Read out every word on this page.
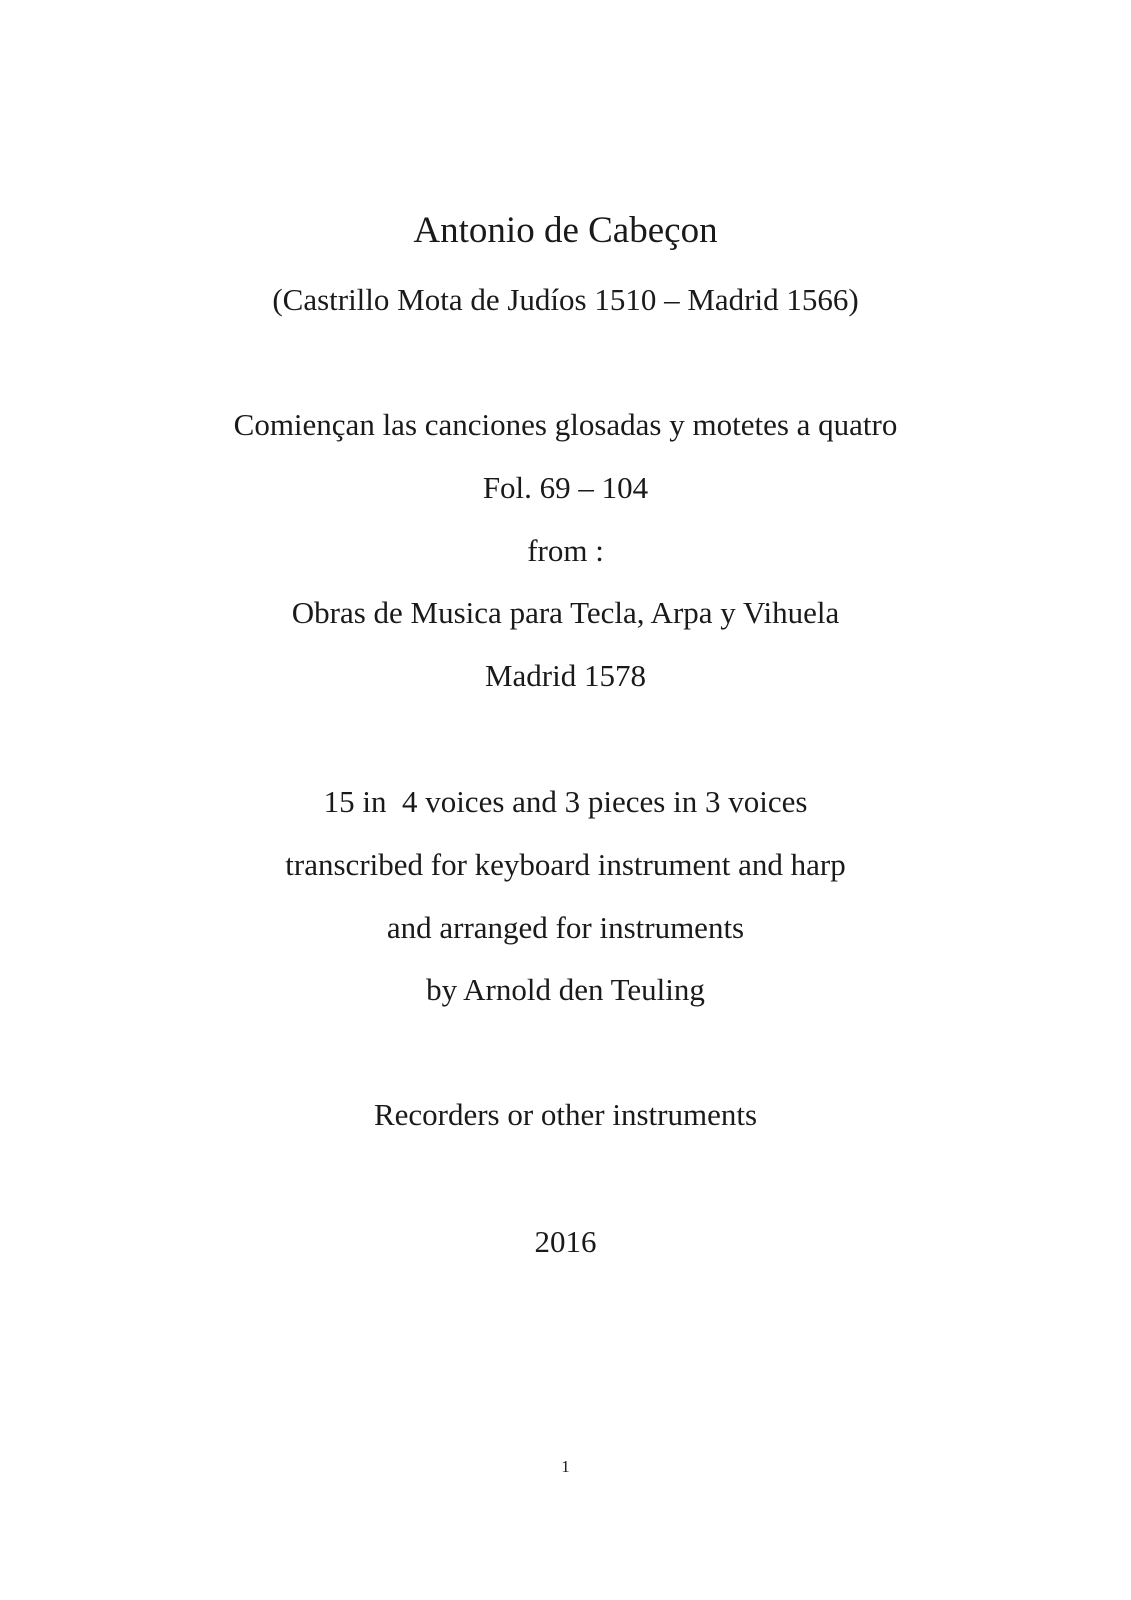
Antonio de Cabeçon
(Castrillo Mota de Judíos 1510 – Madrid 1566)
Comiençan las canciones glosadas y motetes a quatro
Fol. 69 – 104
from :
Obras de Musica para Tecla, Arpa y Vihuela
Madrid 1578
15 in  4 voices and 3 pieces in 3 voices
transcribed for keyboard instrument and harp
and arranged for instruments
by Arnold den Teuling
Recorders or other instruments
2016
1
